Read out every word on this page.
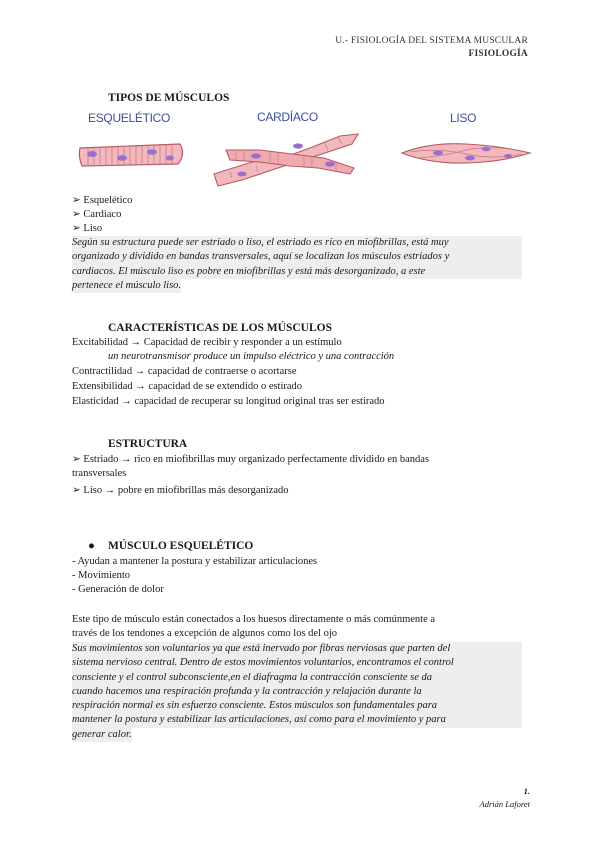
U.- FISIOLOGÍA DEL SISTEMA MUSCULAR
FISIOLOGÍA
TIPOS DE MÚSCULOS
ESQUELÉTICO	CARDÍACO	LISO
➢ Esquelético
➢ Cardiaco
➢ Liso
Según su estructura puede ser estriado o liso, el estriado es rico en miofibrillas, está muy
organizado y dividido en bandas transversales, aquí se localizan los músculos estriados y
cardiacos. El músculo liso es pobre en miofibrillas y está más desorganizado, a este
pertenece el músculo liso.
CARACTERÍSTICAS DE LOS MÚSCULOS
Excitabilidad → Capacidad de recibir y responder a un estímulo
un neurotransmisor produce un impulso eléctrico y una contracción
Contractilidad → capacidad de contraerse o acortarse
Extensibilidad → capacidad de se extendido o estirado
Elasticidad → capacidad de recuperar su longitud original tras ser estirado
ESTRUCTURA
➢ Estriado → rico en miofibrillas muy organizado perfectamente dividido en bandas
transversales
➢ Liso → pobre en miofibrillas más desorganizado
● MÚSCULO ESQUELÉTICO
- Ayudan a mantener la postura y estabilizar articulaciones
- Movimiento
- Generación de dolor
Este tipo de músculo están conectados a los huesos directamente o más comúnmente a
través de los tendones a excepción de algunos como los del ojo
Sus movimientos son voluntarios ya que está inervado por fibras nerviosas que parten del
sistema nervioso central. Dentro de estos movimientos voluntarios, encontramos el control
consciente y el control subconsciente,en el diafragma la contracción consciente se da
cuando hacemos una respiración profunda y la contracción y relajación durante la
respiración normal es sin esfuerzo consciente. Estos músculos son fundamentales para
mantener la postura y estabilizar las articulaciones, así como para el movimiento y para
generar calor.
1.
Adrián Laforet
